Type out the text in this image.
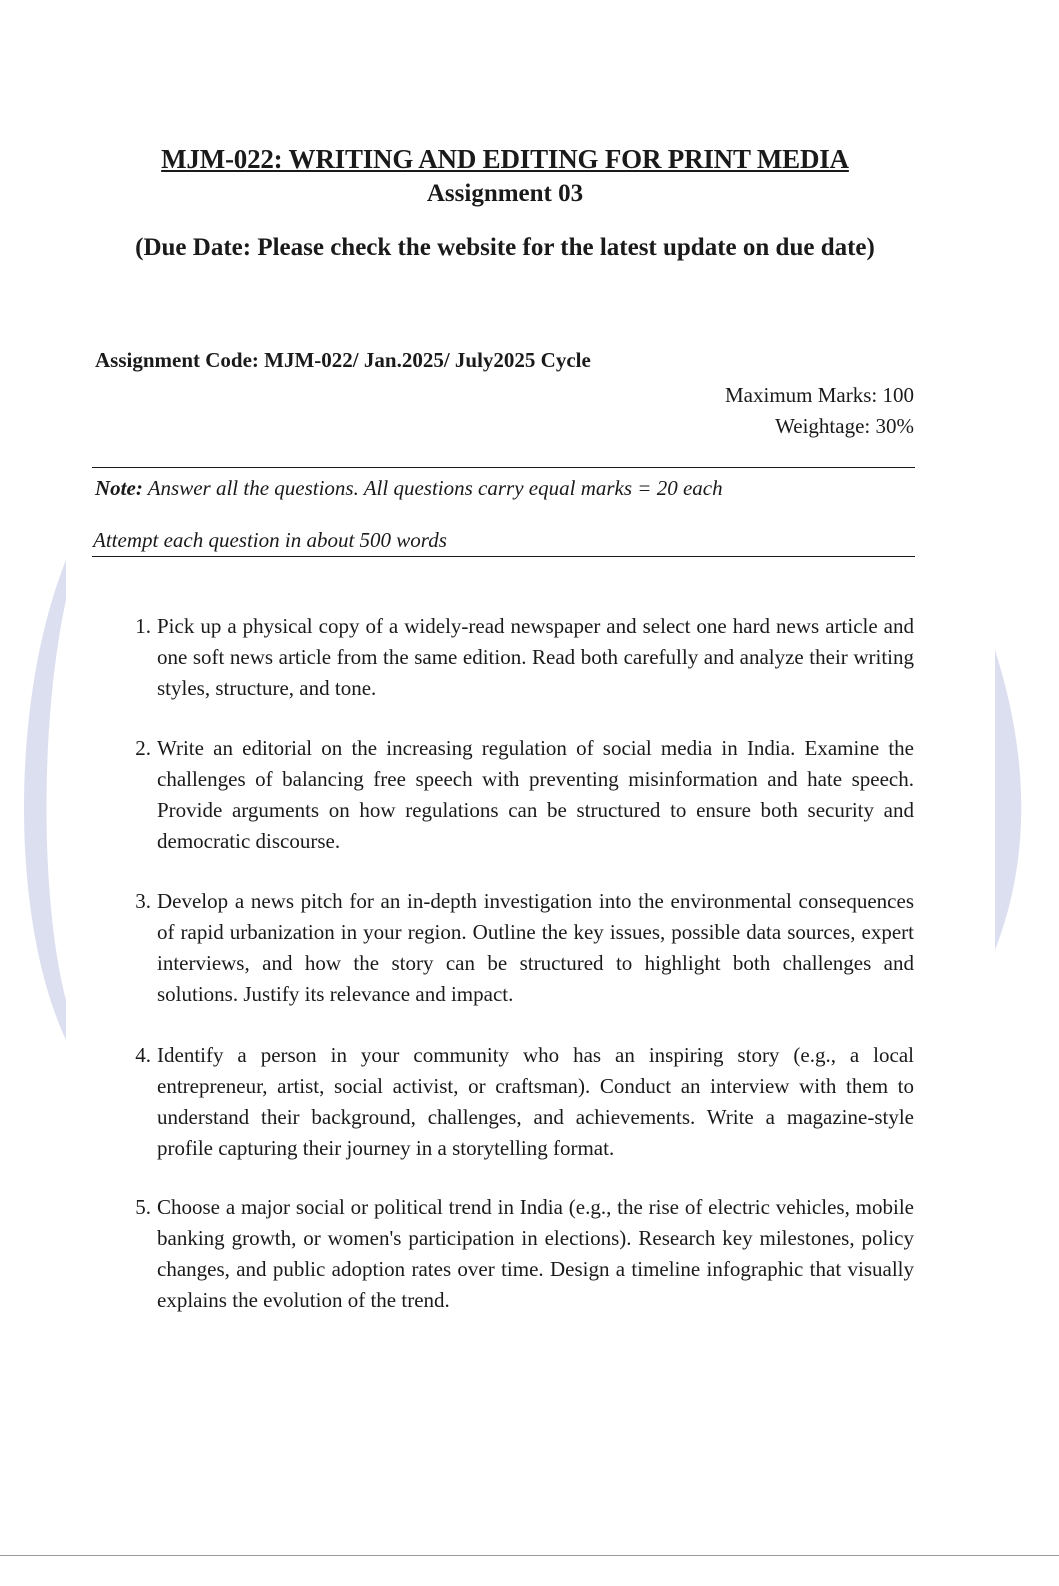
MJM-022: WRITING AND EDITING FOR PRINT MEDIA
Assignment 03
(Due Date: Please check the website for the latest update on due date)
Assignment Code: MJM-022/ Jan.2025/ July2025 Cycle
Maximum Marks: 100
Weightage: 30%
Note: Answer all the questions. All questions carry equal marks = 20 each
Attempt each question in about 500 words
1. Pick up a physical copy of a widely-read newspaper and select one hard news article and one soft news article from the same edition. Read both carefully and analyze their writing styles, structure, and tone.
2. Write an editorial on the increasing regulation of social media in India. Examine the challenges of balancing free speech with preventing misinformation and hate speech. Provide arguments on how regulations can be structured to ensure both security and democratic discourse.
3. Develop a news pitch for an in-depth investigation into the environmental consequences of rapid urbanization in your region. Outline the key issues, possible data sources, expert interviews, and how the story can be structured to highlight both challenges and solutions. Justify its relevance and impact.
4. Identify a person in your community who has an inspiring story (e.g., a local entrepreneur, artist, social activist, or craftsman). Conduct an interview with them to understand their background, challenges, and achievements. Write a magazine-style profile capturing their journey in a storytelling format.
5. Choose a major social or political trend in India (e.g., the rise of electric vehicles, mobile banking growth, or women's participation in elections). Research key milestones, policy changes, and public adoption rates over time. Design a timeline infographic that visually explains the evolution of the trend.
